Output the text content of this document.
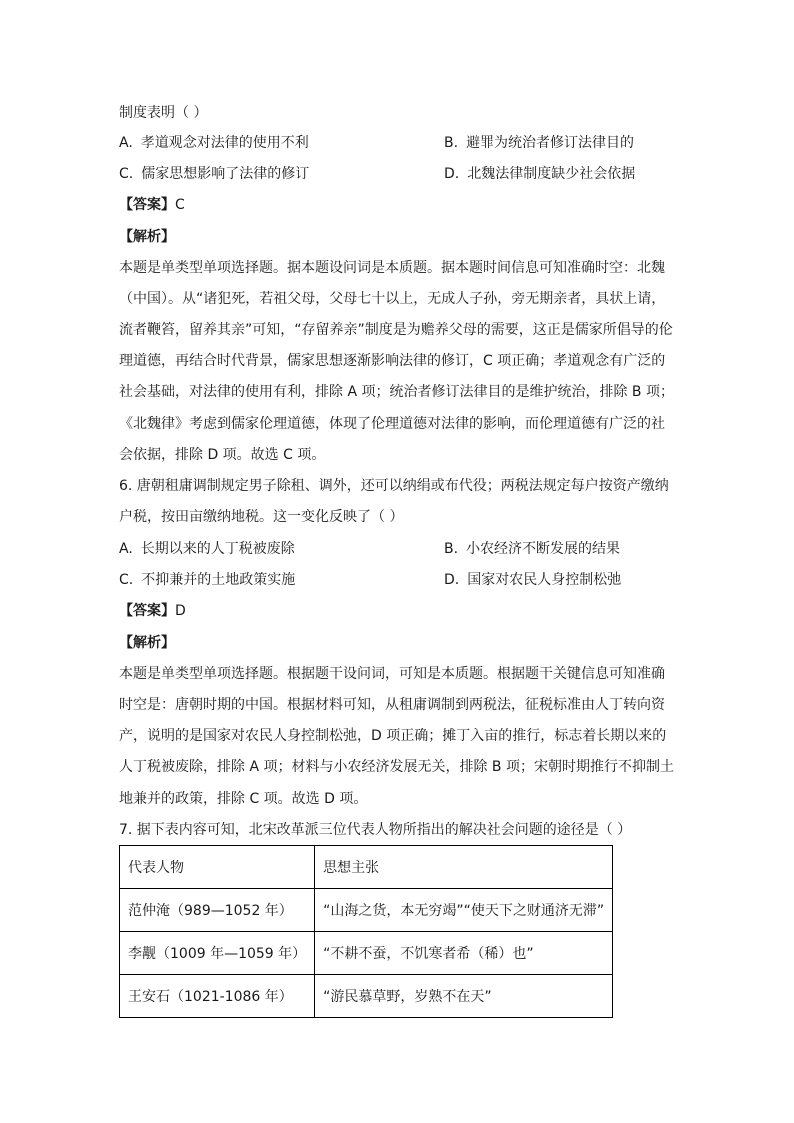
制度表明（ ）
A. 孝道观念对法律的使用不利	B. 避罪为统治者修订法律目的
C. 儒家思想影响了法律的修订	D. 北魏法律制度缺少社会依据
【答案】C
【解析】
本题是单类型单项选择题。据本题设问词是本质题。据本题时间信息可知准确时空：北魏
（中国）。从“诸犯死，若祖父母，父母七十以上，无成人子孙，旁无期亲者，具状上请，
流者鞭笞，留养其亲”可知，“存留养亲”制度是为赡养父母的需要，这正是儒家所倡导的伦
理道德，再结合时代背景，儒家思想逐渐影响法律的修订，C 项正确；孝道观念有广泛的
社会基础，对法律的使用有利，排除 A 项；统治者修订法律目的是维护统治，排除 B 项；
《北魏律》考虑到儒家伦理道德，体现了伦理道德对法律的影响，而伦理道德有广泛的社
会依据，排除 D 项。故选 C 项。
6. 唐朝租庸调制规定男子除租、调外，还可以纳绢或布代役；两税法规定每户按资产缴纳
户税，按田亩缴纳地税。这一变化反映了（ ）
A. 长期以来的人丁税被废除	B. 小农经济不断发展的结果
C. 不抑兼并的土地政策实施	D. 国家对农民人身控制松弛
【答案】D
【解析】
本题是单类型单项选择题。根据题干设问词，可知是本质题。根据题干关键信息可知准确
时空是：唐朝时期的中国。根据材料可知，从租庸调制到两税法，征税标准由人丁转向资
产，说明的是国家对农民人身控制松弛，D 项正确；摊丁入亩的推行，标志着长期以来的
人丁税被废除，排除 A 项；材料与小农经济发展无关，排除 B 项；宋朝时期推行不抑制土
地兼并的政策，排除 C 项。故选 D 项。
7. 据下表内容可知，北宋改革派三位代表人物所指出的解决社会问题的途径是（ ）
代表人物	思想主张
范仲淹（989—1052 年）	“山海之货，本无穷竭”“使天下之财通济无滞”
李觏（1009 年—1059 年）	“不耕不蚕，不饥寒者希（稀）也”
王安石（1021-1086 年）	“游民慕草野，岁熟不在天”
